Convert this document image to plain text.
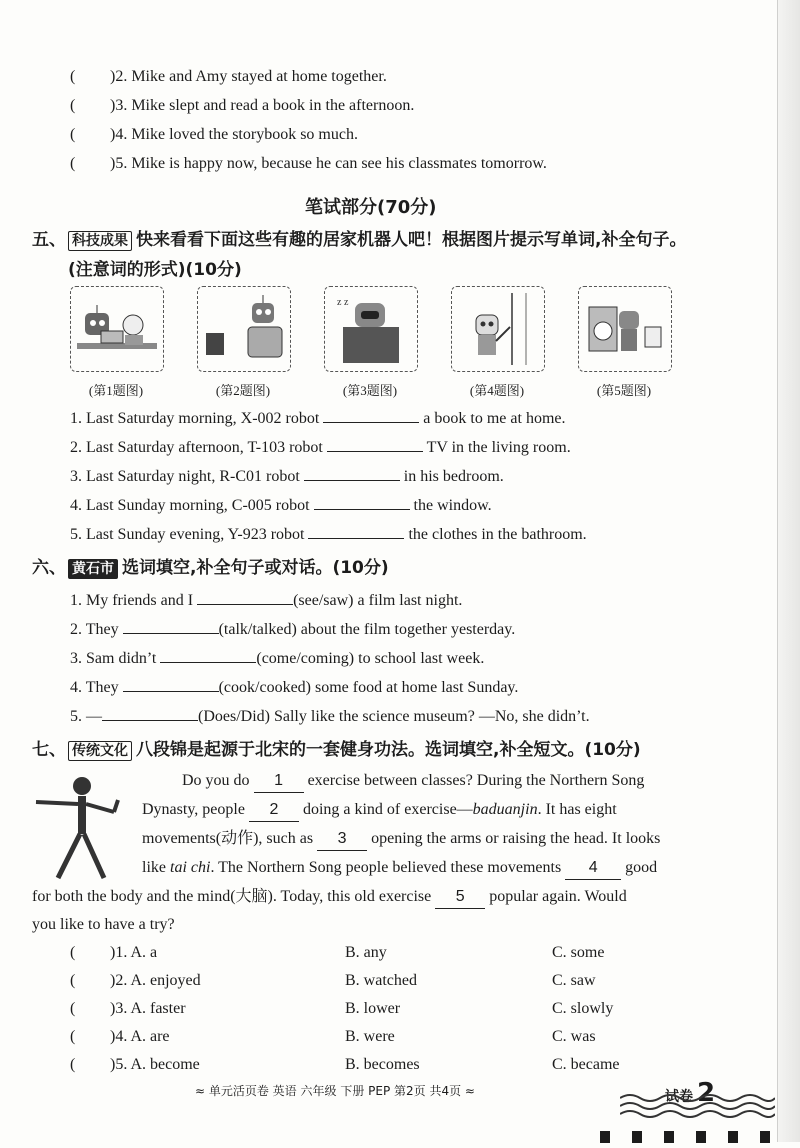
( )2. Mike and Amy stayed at home together.
( )3. Mike slept and read a book in the afternoon.
( )4. Mike loved the storybook so much.
( )5. Mike is happy now, because he can see his classmates tomorrow.
笔试部分(70分)
五、 科技成果 快来看看下面这些有趣的居家机器人吧！根据图片提示写单词,补全句子。
(注意词的形式)(10分)
z z
(第1题图)	(第2题图)	(第3题图)	(第4题图)	(第5题图)
1. Last Saturday morning, X-002 robot	a book to me at home.
2. Last Saturday afternoon, T-103 robot	TV in the living room.
3. Last Saturday night, R-C01 robot	in his bedroom.
4. Last Sunday morning, C-005 robot	the window.
5. Last Sunday evening, Y-923 robot	the clothes in the bathroom.
六、 黄石市 选词填空,补全句子或对话。(10分)
1. My friends and I	(see/saw) a film last night.
2. They	(talk/talked) about the film together yesterday.
3. Sam didn’t	(come/coming) to school last week.
4. They	(cook/cooked) some food at home last Sunday.
5. —	(Does/Did) Sally like the science museum? —No, she didn’t.
七、 传统文化 八段锦是起源于北宋的一套健身功法。选词填空,补全短文。(10分)
Do you do 1 exercise between classes? During the Northern Song
Dynasty, people 2 doing a kind of exercise—baduanjin. It has eight
movements(动作), such as 3 opening the arms or raising the head. It looks
like tai chi. The Northern Song people believed these movements 4 good
for both the body and the mind(大脑). Today, this old exercise 5 popular again. Would
you like to have a try?
( )1. A. a	B. any	C. some
( )2. A. enjoyed	B. watched	C. saw
( )3. A. faster	B. lower	C. slowly
( )4. A. are	B. were	C. was
( )5. A. become	B. becomes	C. became
≈ 单元活页卷 英语 六年级 下册 PEP 第2页 共4页 ≈	试卷 2
